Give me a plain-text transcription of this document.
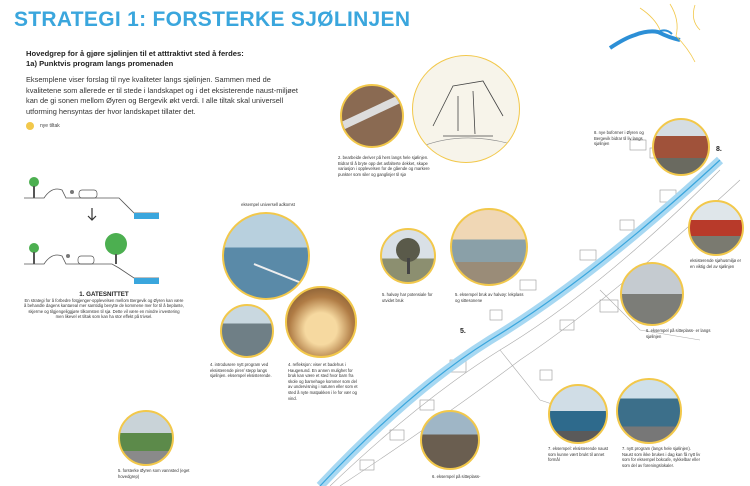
STRATEGI 1: FORSTERKE SJØLINJEN
Hovedgrep for å gjøre sjølinjen til et atttraktivt sted å ferdes:
1a) Punktvis program langs promenaden
Eksemplene viser forslag til nye kvaliteter langs sjølinjen. Sammen med de kvalitetene som allerede er til stede i landskapet og i det eksisterende naust-miljøet kan de gi sonen mellom Øyren og Bergevik økt verdi. I alle tiltak skal universell utforming hensyntas der hvor landskapet tillater det.
nye tiltak
1. GATESNITTET
En strategi for å forbedre fotgjenger-opplevelsen mellom Bergevik og Øyren kan være å behandle dagens kantareal mer samtidig benytte de kommene mer for til å beplante, skjerme og tilgjengeliggjøre tilkomsten til sjø. Dette vil være en mindre investering men likevel et tiltak som kan ha stor effekt på trivsel.
2. bearbeide deriver på hers langs hele sjølinjen. Bidrar til å bryte opp det asfalterte dekket, skape variasjon i opplevelsen for de gående og markere punkter som siler og ganglinjer til sjø
eksempel universell adkomst
4. introdusere nytt program ved eksisterende pirer/ stepp langs sjølinjen. eksempel eksisterende.
4. refleksjon: viser et badehus i Haugesund. En annen mulighet for bruk kan være et sted hvor barn fra skole og barnehage kommer som del av undervisning i naturen eller som et sted å nyte matpakken i le for vær og vind.
5. halvøy har potensiale for utvidet bruk
5. eksempel bruk av halvøy: lekplass og sittesonene
6. eksempel på sitteplass- er langs sjølinjen
6. eksempel på sitteplass-
7. eksempel: eksisterende naust som kunne vært brukt til annet formål
7. nytt program (langs hele sjølinjen). Naust som ikke brukes i dag kan få nytt liv som for eksempel bokcafe, sykkelbar eller som del av foreningslokaler.
8. nye boformer i Øyren og Bergevik bidrar til liv langs sjølinjen
eksisterende sjøhusmiljø er en viktig del av sjølinjen
5. forsterke Øyren som vannsted (eget hovedgrep)
5.
8.
